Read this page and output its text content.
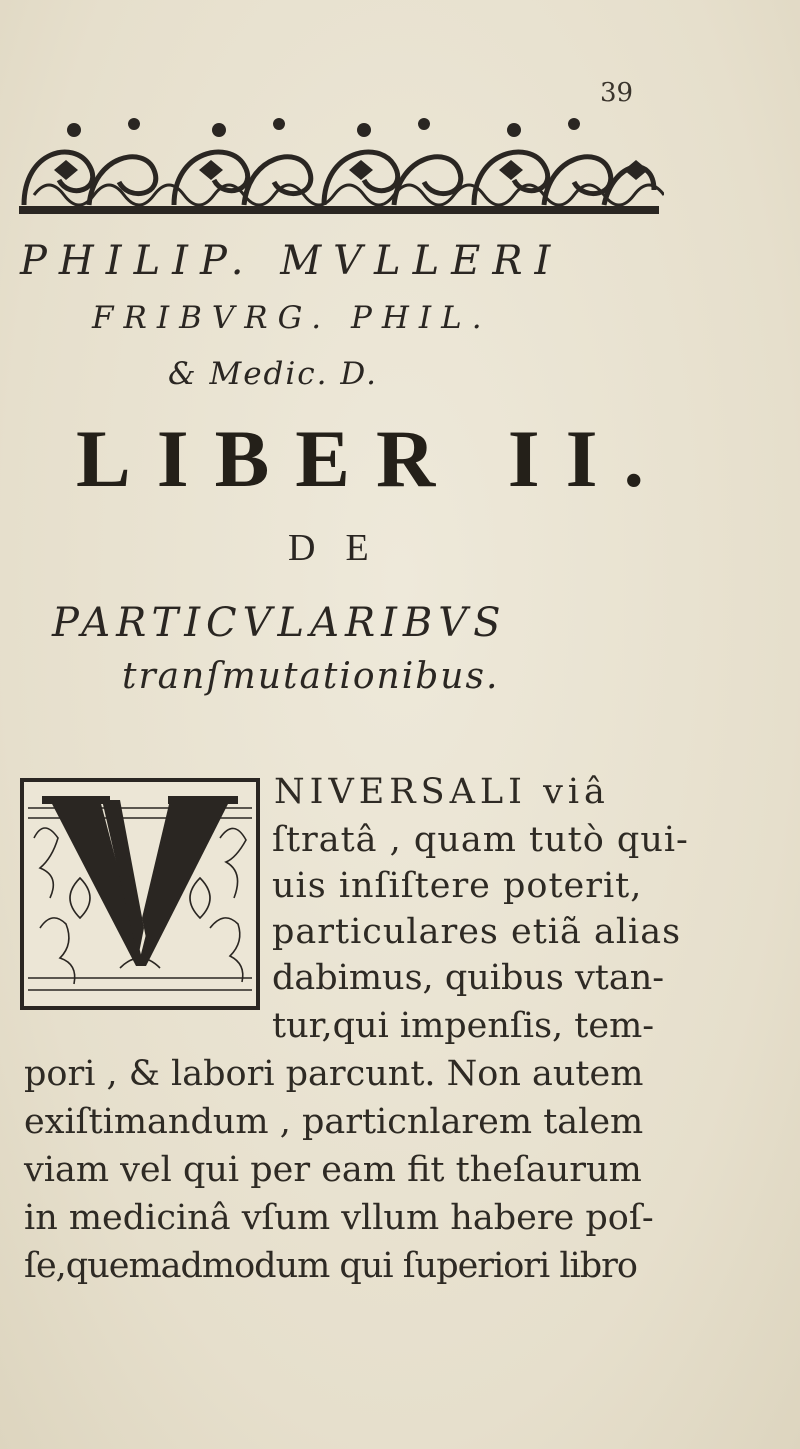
39
PHILIP. MVLLERI
FRIBVRG. PHIL.
& Medic. D.
LIBER II.
DE
PARTICVLARIBVS
tranſmutationibus.
NIVERSALI viâ
ſtratâ , quam tutò qui-
uis inſiſtere poterit,
particulares etiã alias
dabimus, quibus vtan-
tur,qui impenſis, tem-
pori , & labori parcunt. Non autem
exiſtimandum , particnlarem talem
viam vel qui per eam fit theſaurum
in medicinâ vſum vllum habere poſ-
ſe,quemadmodum qui ſuperiori libro
